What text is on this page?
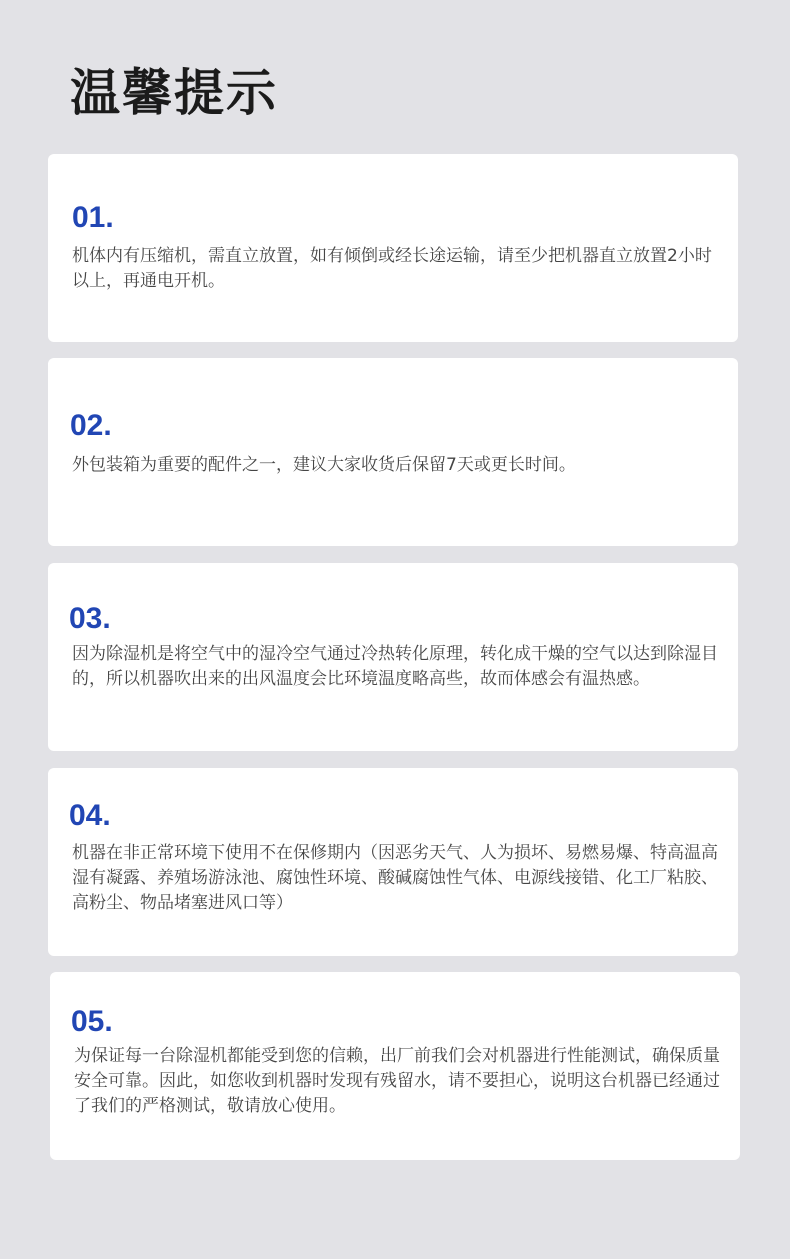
温馨提示
01.

机体内有压缩机，需直立放置，如有倾倒或经长途运输，请至少把机器直立放置2小时以上，再通电开机。

02.

外包装箱为重要的配件之一，建议大家收货后保留7天或更长时间。

03.

因为除湿机是将空气中的湿冷空气通过冷热转化原理，转化成干燥的空气以达到除湿目的，所以机器吹出来的出风温度会比环境温度略高些，故而体感会有温热感。

04.

机器在非正常环境下使用不在保修期内（因恶劣天气、人为损坏、易燃易爆、特高温高湿有凝露、养殖场游泳池、腐蚀性环境、酸碱腐蚀性气体、电源线接错、化工厂粘胶、高粉尘、物品堵塞进风口等）

05.

为保证每一台除湿机都能受到您的信赖，出厂前我们会对机器进行性能测试，确保质量安全可靠。因此，如您收到机器时发现有残留水，请不要担心，说明这台机器已经通过了我们的严格测试，敬请放心使用。
